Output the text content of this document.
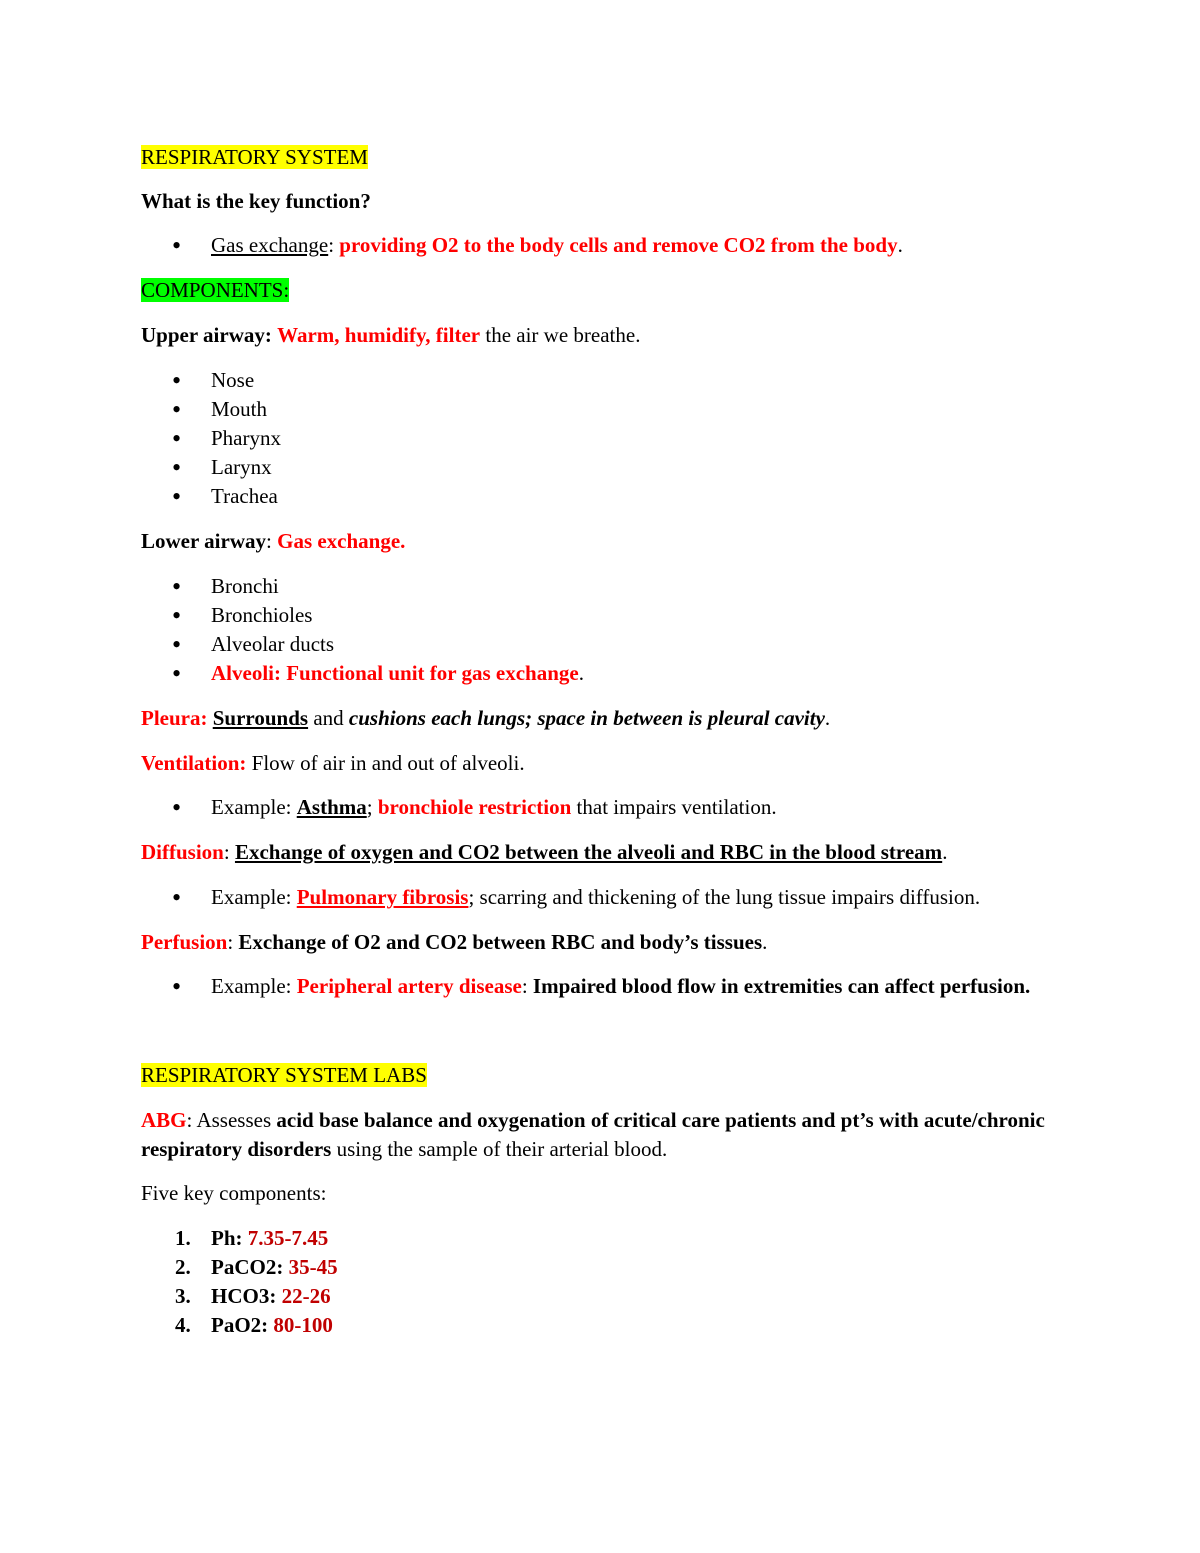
RESPIRATORY SYSTEM

What is the key function?

• Gas exchange: providing O2 to the body cells and remove CO2 from the body.

COMPONENTS:

Upper airway: Warm, humidify, filter the air we breathe.

• Nose
• Mouth
• Pharynx
• Larynx
• Trachea

Lower airway: Gas exchange.

• Bronchi
• Bronchioles
• Alveolar ducts
• Alveoli: Functional unit for gas exchange.

Pleura: Surrounds and cushions each lungs; space in between is pleural cavity.

Ventilation: Flow of air in and out of alveoli.

• Example: Asthma; bronchiole restriction that impairs ventilation.

Diffusion: Exchange of oxygen and CO2 between the alveoli and RBC in the blood stream.

• Example: Pulmonary fibrosis; scarring and thickening of the lung tissue impairs diffusion.

Perfusion: Exchange of O2 and CO2 between RBC and body’s tissues.

• Example: Peripheral artery disease: Impaired blood flow in extremities can affect perfusion.

RESPIRATORY SYSTEM LABS

ABG: Assesses acid base balance and oxygenation of critical care patients and pt’s with acute/chronic respiratory disorders using the sample of their arterial blood.

Five key components:

1. Ph: 7.35-7.45
2. PaCO2: 35-45
3. HCO3: 22-26
4. PaO2: 80-100
